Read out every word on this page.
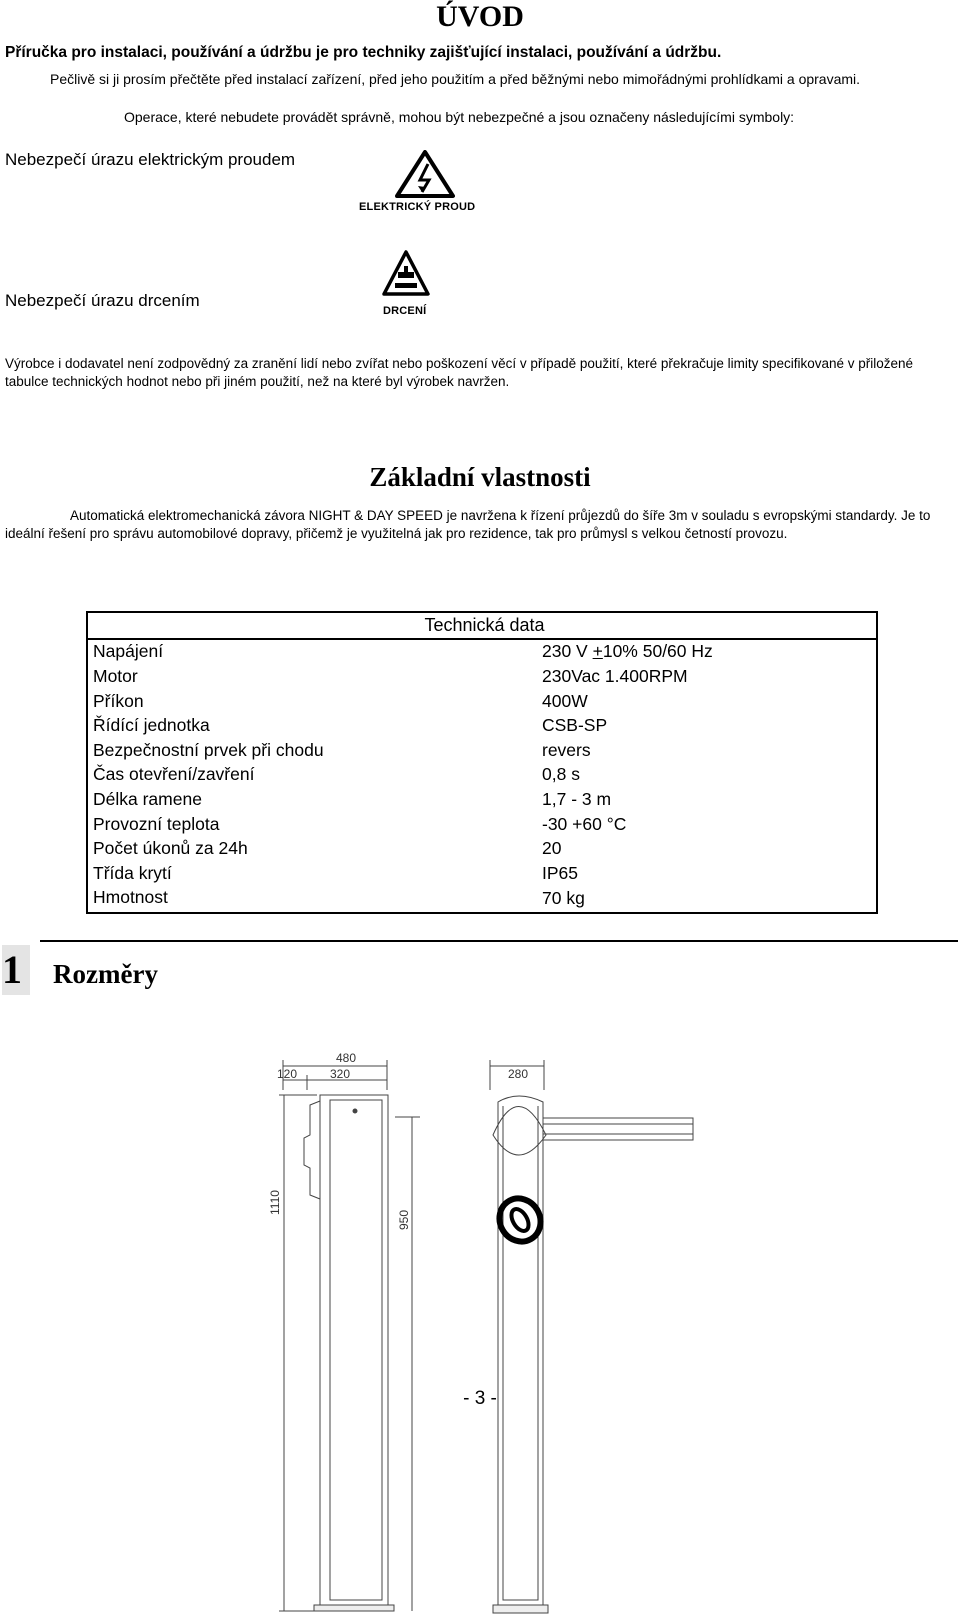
ÚVOD
Příručka pro instalaci, používání a údržbu je pro techniky zajišťující instalaci, používání a údržbu.
Pečlivě si ji prosím přečtěte před instalací zařízení, před jeho použitím a před běžnými nebo mimořádnými prohlídkami a opravami.
Operace, které nebudete provádět správně, mohou být nebezpečné a jsou označeny následujícími symboly:
Nebezpečí úrazu elektrickým proudem
ELEKTRICKÝ PROUD
Nebezpečí úrazu drcením
DRCENÍ
Výrobce i dodavatel není zodpovědný za zranění lidí nebo zvířat nebo poškození věcí v případě použití, které překračuje limity specifikované v přiložené tabulce technických hodnot nebo při jiném použití, než na které byl výrobek navržen.
Základní vlastnosti
Automatická elektromechanická závora NIGHT & DAY SPEED je navržena k řízení průjezdů do šíře 3m v souladu s evropskými standardy. Je to ideální řešení pro správu automobilové dopravy, přičemž je využitelná jak pro rezidence, tak pro průmysl s velkou četností provozu.
Technická data	
Napájení	230 V +10% 50/60 Hz
Motor	230Vac 1.400RPM
Příkon	400W
Řídící jednotka	CSB-SP
Bezpečnostní prvek při chodu	revers
Čas otevření/zavření	0,8 s
Délka ramene	1,7 - 3 m
Provozní teplota	-30 +60 °C
Počet úkonů za 24h	20
Třída krytí	IP65
Hmotnost	70 kg
1 Rozměry
480
120	320	280
1110
950
- 3 -
